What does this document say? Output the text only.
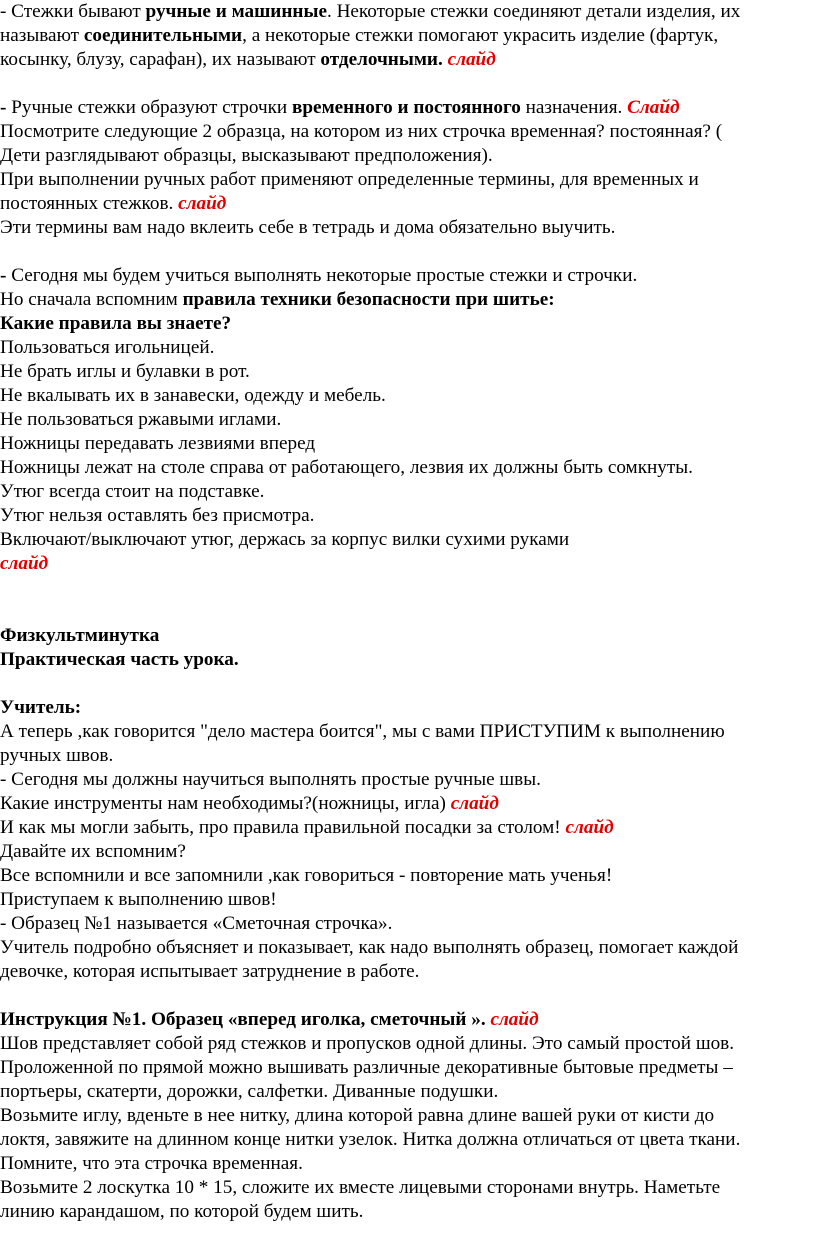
- Стежки бывают ручные и машинные. Некоторые стежки соединяют детали изделия, их
называют соединительными, а некоторые стежки помогают украсить изделие (фартук,
косынку, блузу, сарафан), их называют отделочными. слайд
- Ручные стежки образуют строчки временного и постоянного назначения. Слайд
Посмотрите следующие 2 образца, на котором из них строчка временная? постоянная? (
Дети разглядывают образцы, высказывают предположения).
При выполнении ручных работ применяют определенные термины, для временных и
постоянных стежков. слайд
Эти термины вам надо вклеить себе в тетрадь и дома обязательно выучить.
- Сегодня мы будем учиться выполнять некоторые простые стежки и строчки.
Но сначала вспомним правила техники безопасности при шитье:
Какие правила вы знаете?
Пользоваться игольницей.
Не брать иглы и булавки в рот.
Не вкалывать их в занавески, одежду и мебель.
Не пользоваться ржавыми иглами.
Ножницы передавать лезвиями вперед
Ножницы лежат на столе справа от работающего, лезвия их должны быть сомкнуты.
Утюг всегда стоит на подставке.
Утюг нельзя оставлять без присмотра.
Включают/выключают утюг, держась за корпус вилки сухими руками
слайд
Физкультминутка
Практическая часть урока.
Учитель:
А теперь ,как говорится "дело мастера боится", мы с вами ПРИСТУПИМ к выполнению
ручных швов.
- Сегодня мы должны научиться выполнять простые ручные швы.
Какие инструменты нам необходимы?(ножницы, игла) слайд
И как мы могли забыть, про правила правильной посадки за столом! слайд
Давайте их вспомним?
Все вспомнили и все запомнили ,как говориться - повторение мать ученья!
Приступаем к выполнению швов!
- Образец №1 называется «Сметочная строчка».
Учитель подробно объясняет и показывает, как надо выполнять образец, помогает каждой
девочке, которая испытывает затруднение в работе.
Инструкция №1. Образец «вперед иголка, сметочный ». слайд
Шов представляет собой ряд стежков и пропусков одной длины. Это самый простой шов.
Проложенной по прямой можно вышивать различные декоративные бытовые предметы –
портьеры, скатерти, дорожки, салфетки. Диванные подушки.
Возьмите иглу, вденьте в нее нитку, длина которой равна длине вашей руки от кисти до
локтя, завяжите на длинном конце нитки узелок. Нитка должна отличаться от цвета ткани.
Помните, что эта строчка временная.
Возьмите 2 лоскутка 10 * 15, сложите их вместе лицевыми сторонами внутрь. Наметьте
линию карандашом, по которой будем шить.
